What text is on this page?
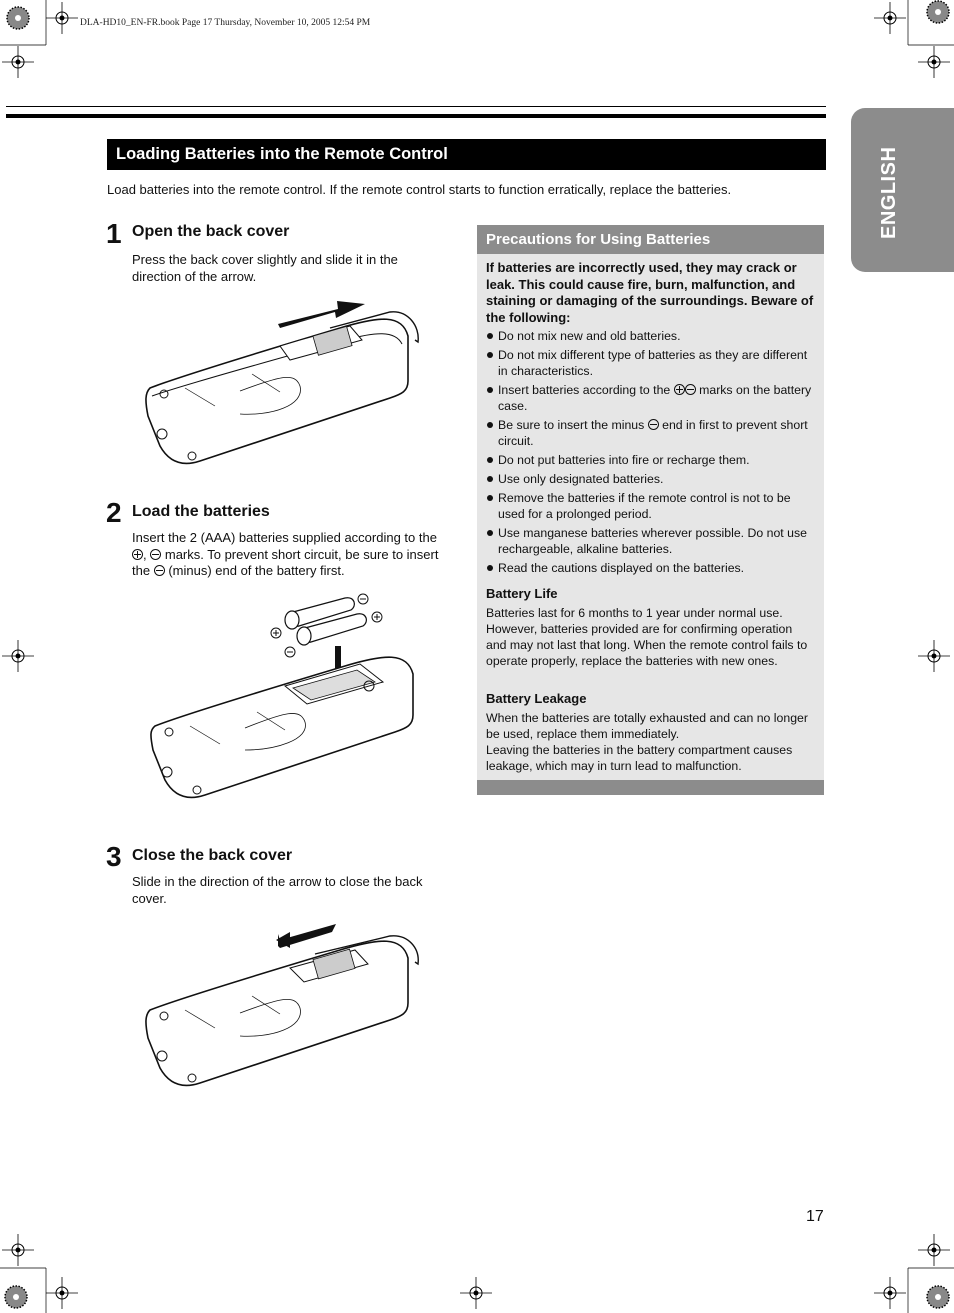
DLA-HD10_EN-FR.book Page 17 Thursday, November 10, 2005 12:54 PM
ENGLISH
Loading Batteries into the Remote Control
Load batteries into the remote control. If the remote control starts to function erratically, replace the batteries.
1 Open the back cover
Press the back cover slightly and slide it in the
direction of the arrow.
2 Load the batteries
Insert the 2 (AAA) batteries supplied according to the
,  marks. To prevent short circuit, be sure to insert
the  (minus) end of the battery first.
3 Close the back cover
Slide in the direction of the arrow to close the back
cover.
Precautions for Using Batteries
If batteries are incorrectly used, they may crack or leak. This could cause fire, burn, malfunction, and staining or damaging of the surroundings. Beware of the following:
Do not mix new and old batteries.
Do not mix different type of batteries as they are different in characteristics.
Insert batteries according to the marks on the battery case.
Be sure to insert the minus end in first to prevent short circuit.
Do not put batteries into fire or recharge them.
Use only designated batteries.
Remove the batteries if the remote control is not to be used for a prolonged period.
Use manganese batteries wherever possible. Do not use rechargeable, alkaline batteries.
Read the cautions displayed on the batteries.
Battery Life
Batteries last for 6 months to 1 year under normal use. However, batteries provided are for confirming operation and may not last that long. When the remote control fails to operate properly, replace the batteries with new ones.
Battery Leakage
When the batteries are totally exhausted and can no longer be used, replace them immediately.
Leaving the batteries in the battery compartment causes leakage, which may in turn lead to malfunction.
17
